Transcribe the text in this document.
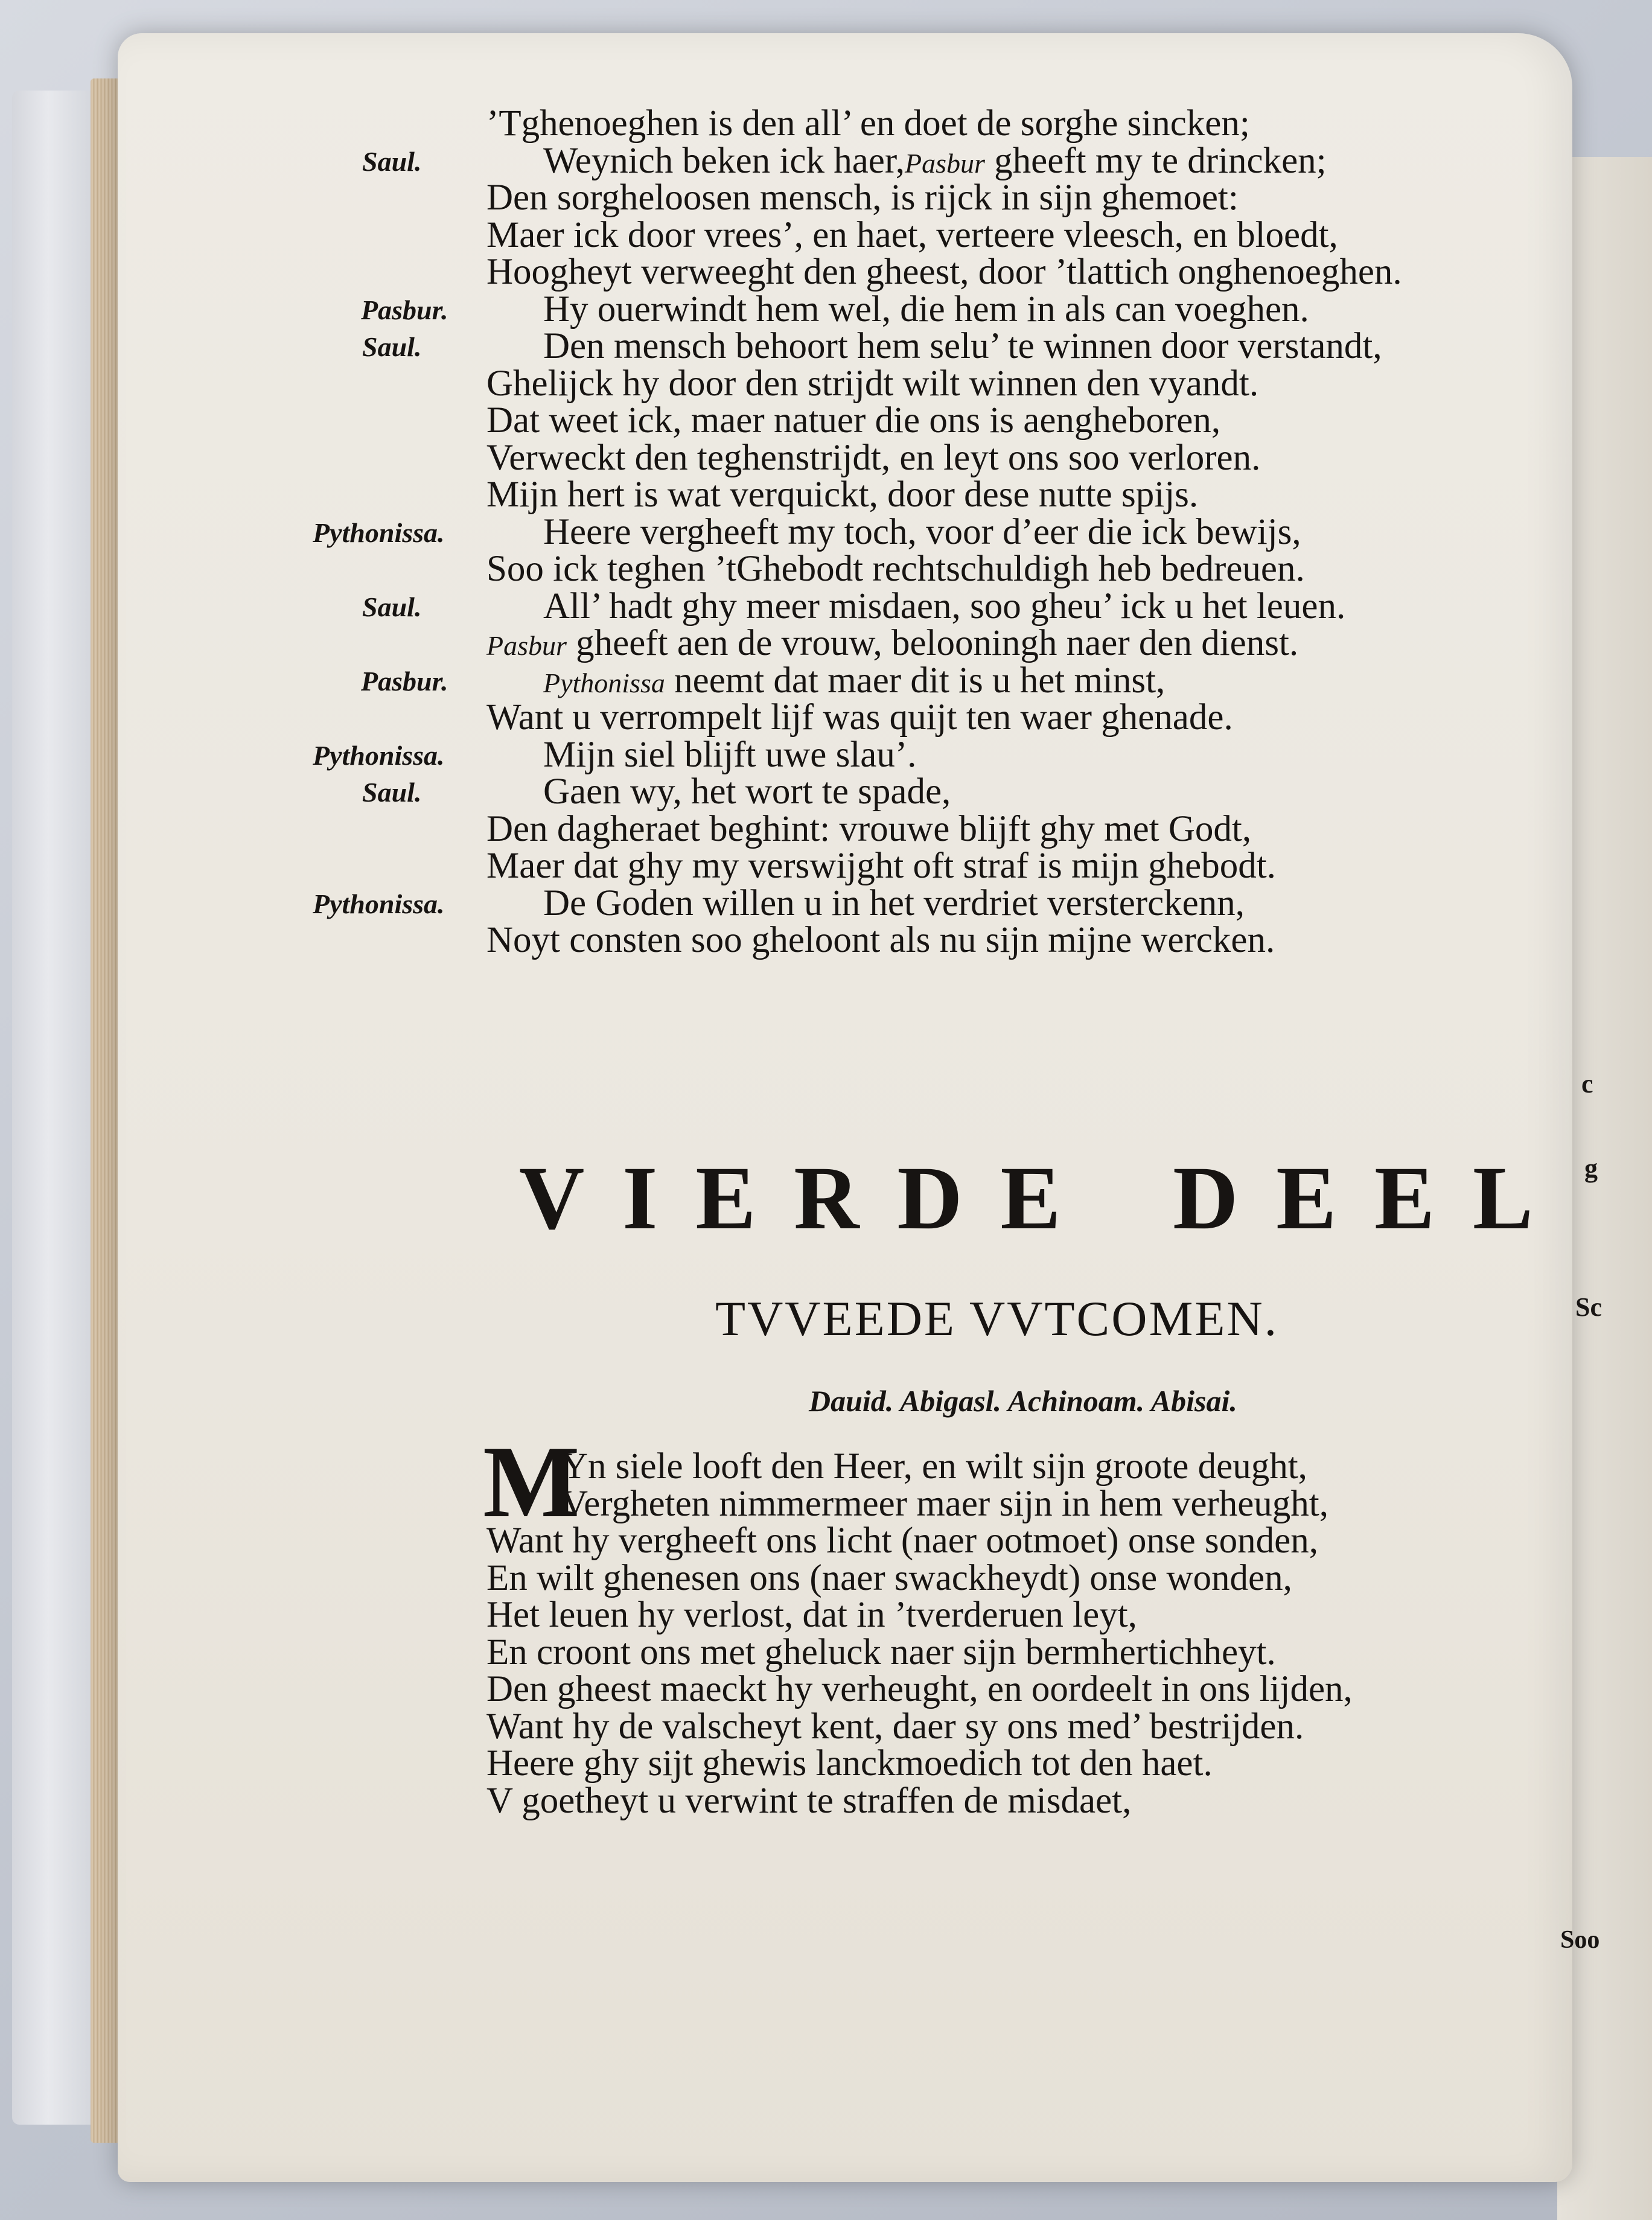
c
g
Sc
’Tghenoeghen is den all’ en doet de sorghe sincken;
Weynich beken ick haer,Pasbur gheeft my te drincken;
Saul.
Den sorgheloosen mensch, is rijck in sijn ghemoet:
Maer ick door vrees’, en haet, verteere vleesch, en bloedt,
Hoogheyt verweeght den gheest, door ’tlattich onghenoeghen.
Hy ouerwindt hem wel, die hem in als can voeghen.
Pasbur.
Den mensch behoort hem selu’ te winnen door verstandt,
Saul.
Ghelijck hy door den strijdt wilt winnen den vyandt.
Dat weet ick, maer natuer die ons is aengheboren,
Verweckt den teghenstrijdt, en leyt ons soo verloren.
Mijn hert is wat verquickt, door dese nutte spijs.
Heere vergheeft my toch, voor d’eer die ick bewijs,
Pythonissa.
Soo ick teghen ’tGhebodt rechtschuldigh heb bedreuen.
All’ hadt ghy meer misdaen, soo gheu’ ick u het leuen.
Saul.
Pasbur gheeft aen de vrouw, belooningh naer den dienst.
Pythonissa neemt dat maer dit is u het minst,
Pasbur.
Want u verrompelt lijf was quijt ten waer ghenade.
Mijn siel blijft uwe slau’.
Pythonissa.
Gaen wy, het wort te spade,
Saul.
Den dagheraet beghint: vrouwe blijft ghy met Godt,
Maer dat ghy my verswijght oft straf is mijn ghebodt.
De Goden willen u in het verdriet versterckenn,
Pythonissa.
Noyt consten soo gheloont als nu sijn mijne wercken.
V I E R D E D E E L
TVVEEDE VVTCOMEN.
Dauid. Abigasl. Achinoam. Abisai.
M
Yn siele looft den Heer, en wilt sijn groote deught,
Vergheten nimmermeer maer sijn in hem verheught,
Want hy vergheeft ons licht (naer ootmoet) onse sonden,
En wilt ghenesen ons (naer swackheydt) onse wonden,
Het leuen hy verlost, dat in ’tverderuen leyt,
En croont ons met gheluck naer sijn bermhertichheyt.
Den gheest maeckt hy verheught, en oordeelt in ons lijden,
Want hy de valscheyt kent, daer sy ons med’ bestrijden.
Heere ghy sijt ghewis lanckmoedich tot den haet.
V goetheyt u verwint te straffen de misdaet,
Soo
